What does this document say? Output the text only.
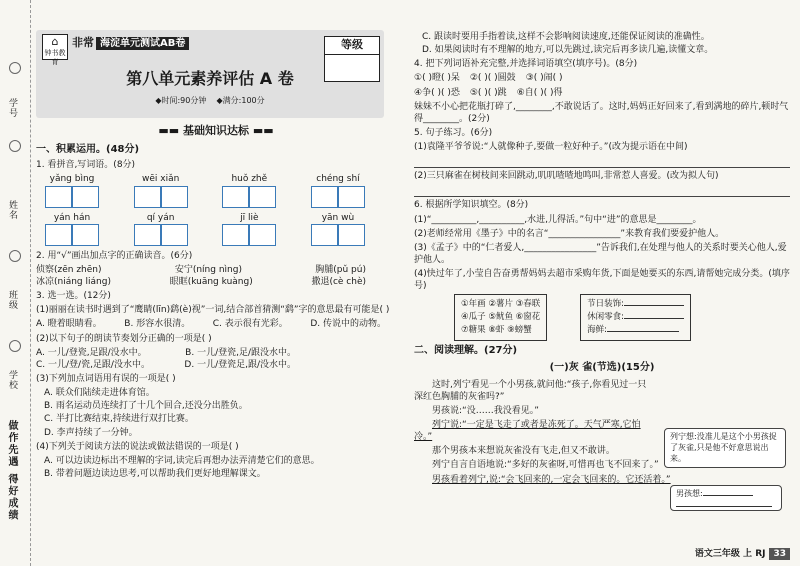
学号
姓名
班级
学校
做作先遇 得好成绩
⌂
钟书教育
非常 海淀单元测试AB卷	等级
第八单元素养评估 A 卷
◆时间:90分钟 ◆满分:100分
▬▬ 基础知识达标 ▬▬
一、积累运用。(48分)
1. 看拼音,写词语。(8分)
yǎng bìng	wēi xiǎn	huǒ zhě	chéng shí
yán hán	qí yán	jī liè	yān wù
2. 用“√”画出加点字的正确读音。(6分)
侦察(zēn zhēn)	安宁(níng nìng)	胸脯(pǔ pú)
冰凉(niáng liáng)	眼眶(kuāng kuàng)	撒退(cè chè)
3. 选一选。(12分)
(1)丽丽在读书时遇到了“鹰睛(līn)鹞(è)视”一词,结合部首猜测“鹞”字的意思最有可能是( )
A. 瞪着眼睛看。	B. 形容水很清。	C. 表示很有光彩。	D. 传说中的动物。
(2)以下句子的朗读节奏划分正确的一项是( )
A. 一儿/登瓷,足跟/没水中。	B. 一儿/登瓷,足/跟没水中。
C. 一儿/登/瓷,足跟/没水中。	D. 一儿/登瓷足,跟/没水中。
(3)下列加点词语用有误的一项是( )
A. 联众们陆续走进体育馆。
B. 雨名运动员连续打了十几个回合,还没分出胜负。
C. 半打比赛结束,持续进行双打比赛。
D. 李声持续了一分钟。
(4)下列关于阅读方法的说法或做法错误的一项是( )
A. 可以边读边标出不理解的字词,读完后再想办法弄清楚它们的意思。
B. 带着问题边读边思考,可以帮助我们更好地理解课文。
C. 跟读时要用手指着读,这样不会影响阅读速度,还能保证阅读的准确性。
D. 如果阅读时有不理解的地方,可以先跳过,读完后再多读几遍,读懂文章。
4. 把下列词语补充完整,并选择词语填空(填序号)。(8分)
①( )瞪( )呆 ②( )( )圆鼓 ③( )闹( )
④争( )( )恐 ⑤( )( )跳 ⑥自( )( )得
妹妹不小心把花瓶打碎了,________,不敢说话了。这时,妈妈正好回来了,看到满地的碎片,顿时气得________。(2分)
5. 句子练习。(6分)
(1)袁隆平爷爷说:“人就像种子,要做一粒好种子。”(改为提示语在中间)
(2)三只麻雀在树枝间来回跳动,叽叽喳喳地鸣叫,非常惹人喜爱。(改为拟人句)
6. 根据所学知识填空。(8分)
(1)“__________,__________,水进,儿得活。”句中“进”的意思是________。
(2)老师经常用《墨子》中的名言“________________”来教育我们要爱护他人。
(3)《孟子》中的“仁者爱人,________________”告诉我们,在处理与他人的关系时要关心他人,爱护他人。
(4)快过年了,小莹自告奋勇帮妈妈去超市采购年货,下面是她要买的东西,请帮她完成分类。(填序号)
①年画 ②薯片 ③春联
④瓜子 ⑤鱿鱼 ⑥窗花
⑦糖果 ⑧虾 ⑨螃蟹
节日装饰:
休闲零食:
海鲜:
二、阅读理解。(27分)
(一)灰 雀(节选)(15分)
这时,列宁看见一个小男孩,就问他:“孩子,你看见过一只深红色胸脯的灰雀吗?”
男孩说:“没……我没看见。”
列宁说:“一定是飞走了或者是冻死了。天气严寒,它怕冷。”
那个男孩本来想说灰雀没有飞走,但又不敢讲。
列宁自言自语地说:“多好的灰雀呀,可惜再也飞不回来了。”
男孩看着列宁,说:“会飞回来的,一定会飞回来的。它还活着。”
列宁想:没准儿是这个小男孩捉了灰雀,只是他不好意思说出来。
男孩想:
语文三年级 上 RJ 33
